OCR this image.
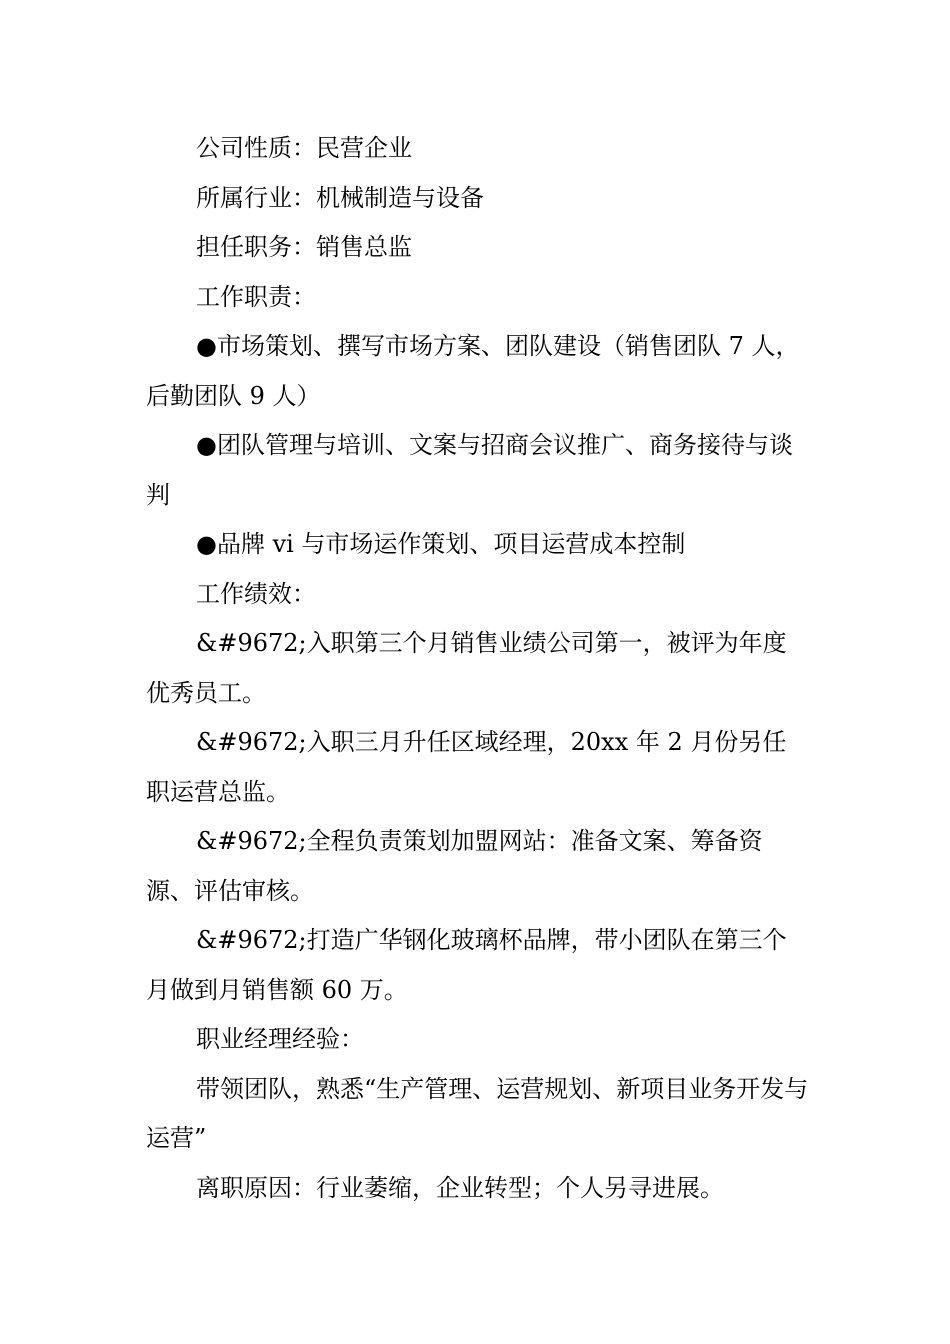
公司性质：民营企业

所属行业：机械制造与设备

担任职务：销售总监

工作职责：

●市场策划、撰写市场方案、团队建设（销售团队 7 人，后勤团队 9 人）

●团队管理与培训、文案与招商会议推广、商务接待与谈判

●品牌 vi 与市场运作策划、项目运营成本控制

工作绩效：

&#9672;入职第三个月销售业绩公司第一，被评为年度优秀员工。

&#9672;入职三月升任区域经理，20xx 年 2 月份另任职运营总监。

&#9672;全程负责策划加盟网站：准备文案、筹备资源、评估审核。

&#9672;打造广华钢化玻璃杯品牌，带小团队在第三个月做到月销售额 60 万。

职业经理经验：

带领团队，熟悉“生产管理、运营规划、新项目业务开发与运营”

离职原因：行业萎缩，企业转型；个人另寻进展。
